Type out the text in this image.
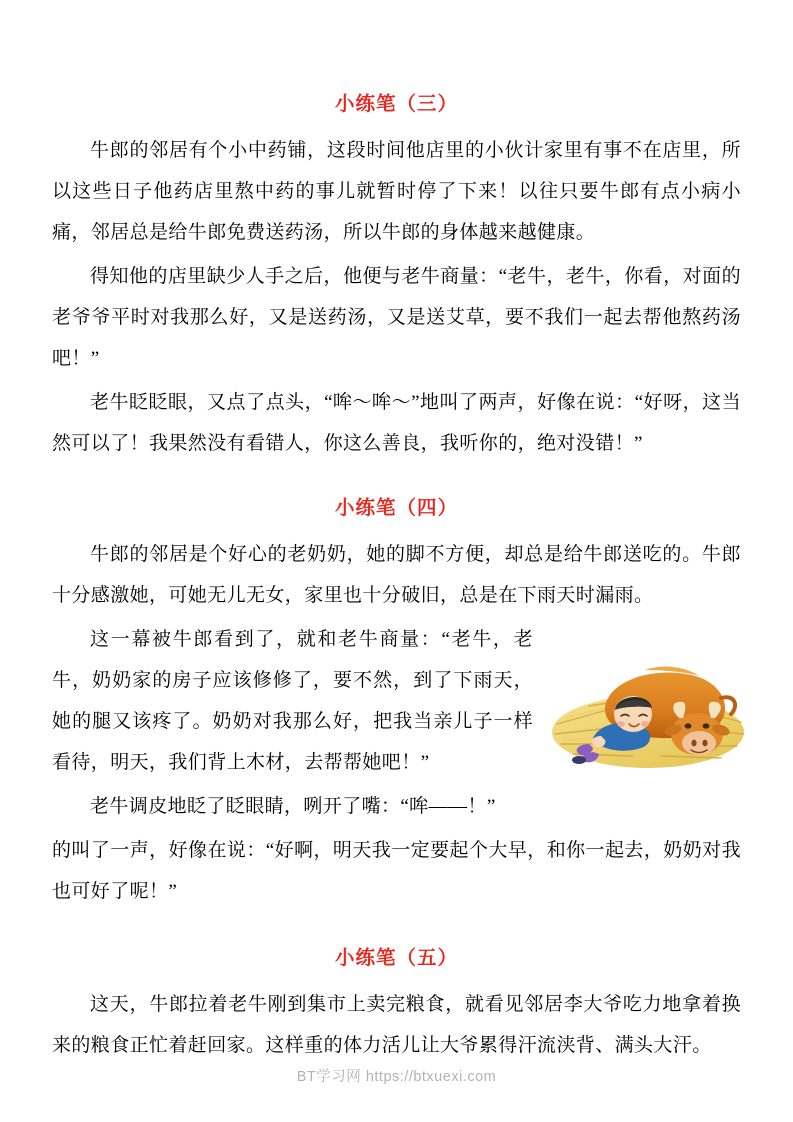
小练笔（三）

牛郎的邻居有个小中药铺，这段时间他店里的小伙计家里有事不在店里，所以这些日子他药店里熬中药的事儿就暂时停了下来！以往只要牛郎有点小病小痛，邻居总是给牛郎免费送药汤，所以牛郎的身体越来越健康。

得知他的店里缺少人手之后，他便与老牛商量：“老牛，老牛，你看，对面的老爷爷平时对我那么好，又是送药汤，又是送艾草，要不我们一起去帮他熬药汤吧！”

老牛眨眨眼，又点了点头，“哞～哞～”地叫了两声，好像在说：“好呀，这当然可以了！我果然没有看错人，你这么善良，我听你的，绝对没错！”

小练笔（四）

牛郎的邻居是个好心的老奶奶，她的脚不方便，却总是给牛郎送吃的。牛郎十分感激她，可她无儿无女，家里也十分破旧，总是在下雨天时漏雨。

这一幕被牛郎看到了，就和老牛商量：“老牛，老牛，奶奶家的房子应该修修了，要不然，到了下雨天，她的腿又该疼了。奶奶对我那么好，把我当亲儿子一样看待，明天，我们背上木材，去帮帮她吧！”

老牛调皮地眨了眨眼睛，咧开了嘴：“哞——！”

的叫了一声，好像在说：“好啊，明天我一定要起个大早，和你一起去，奶奶对我也可好了呢！”

小练笔（五）

这天，牛郎拉着老牛刚到集市上卖完粮食，就看见邻居李大爷吃力地拿着换来的粮食正忙着赶回家。这样重的体力活儿让大爷累得汗流浃背、满头大汗。

BT学习网 https://btxuexi.com
